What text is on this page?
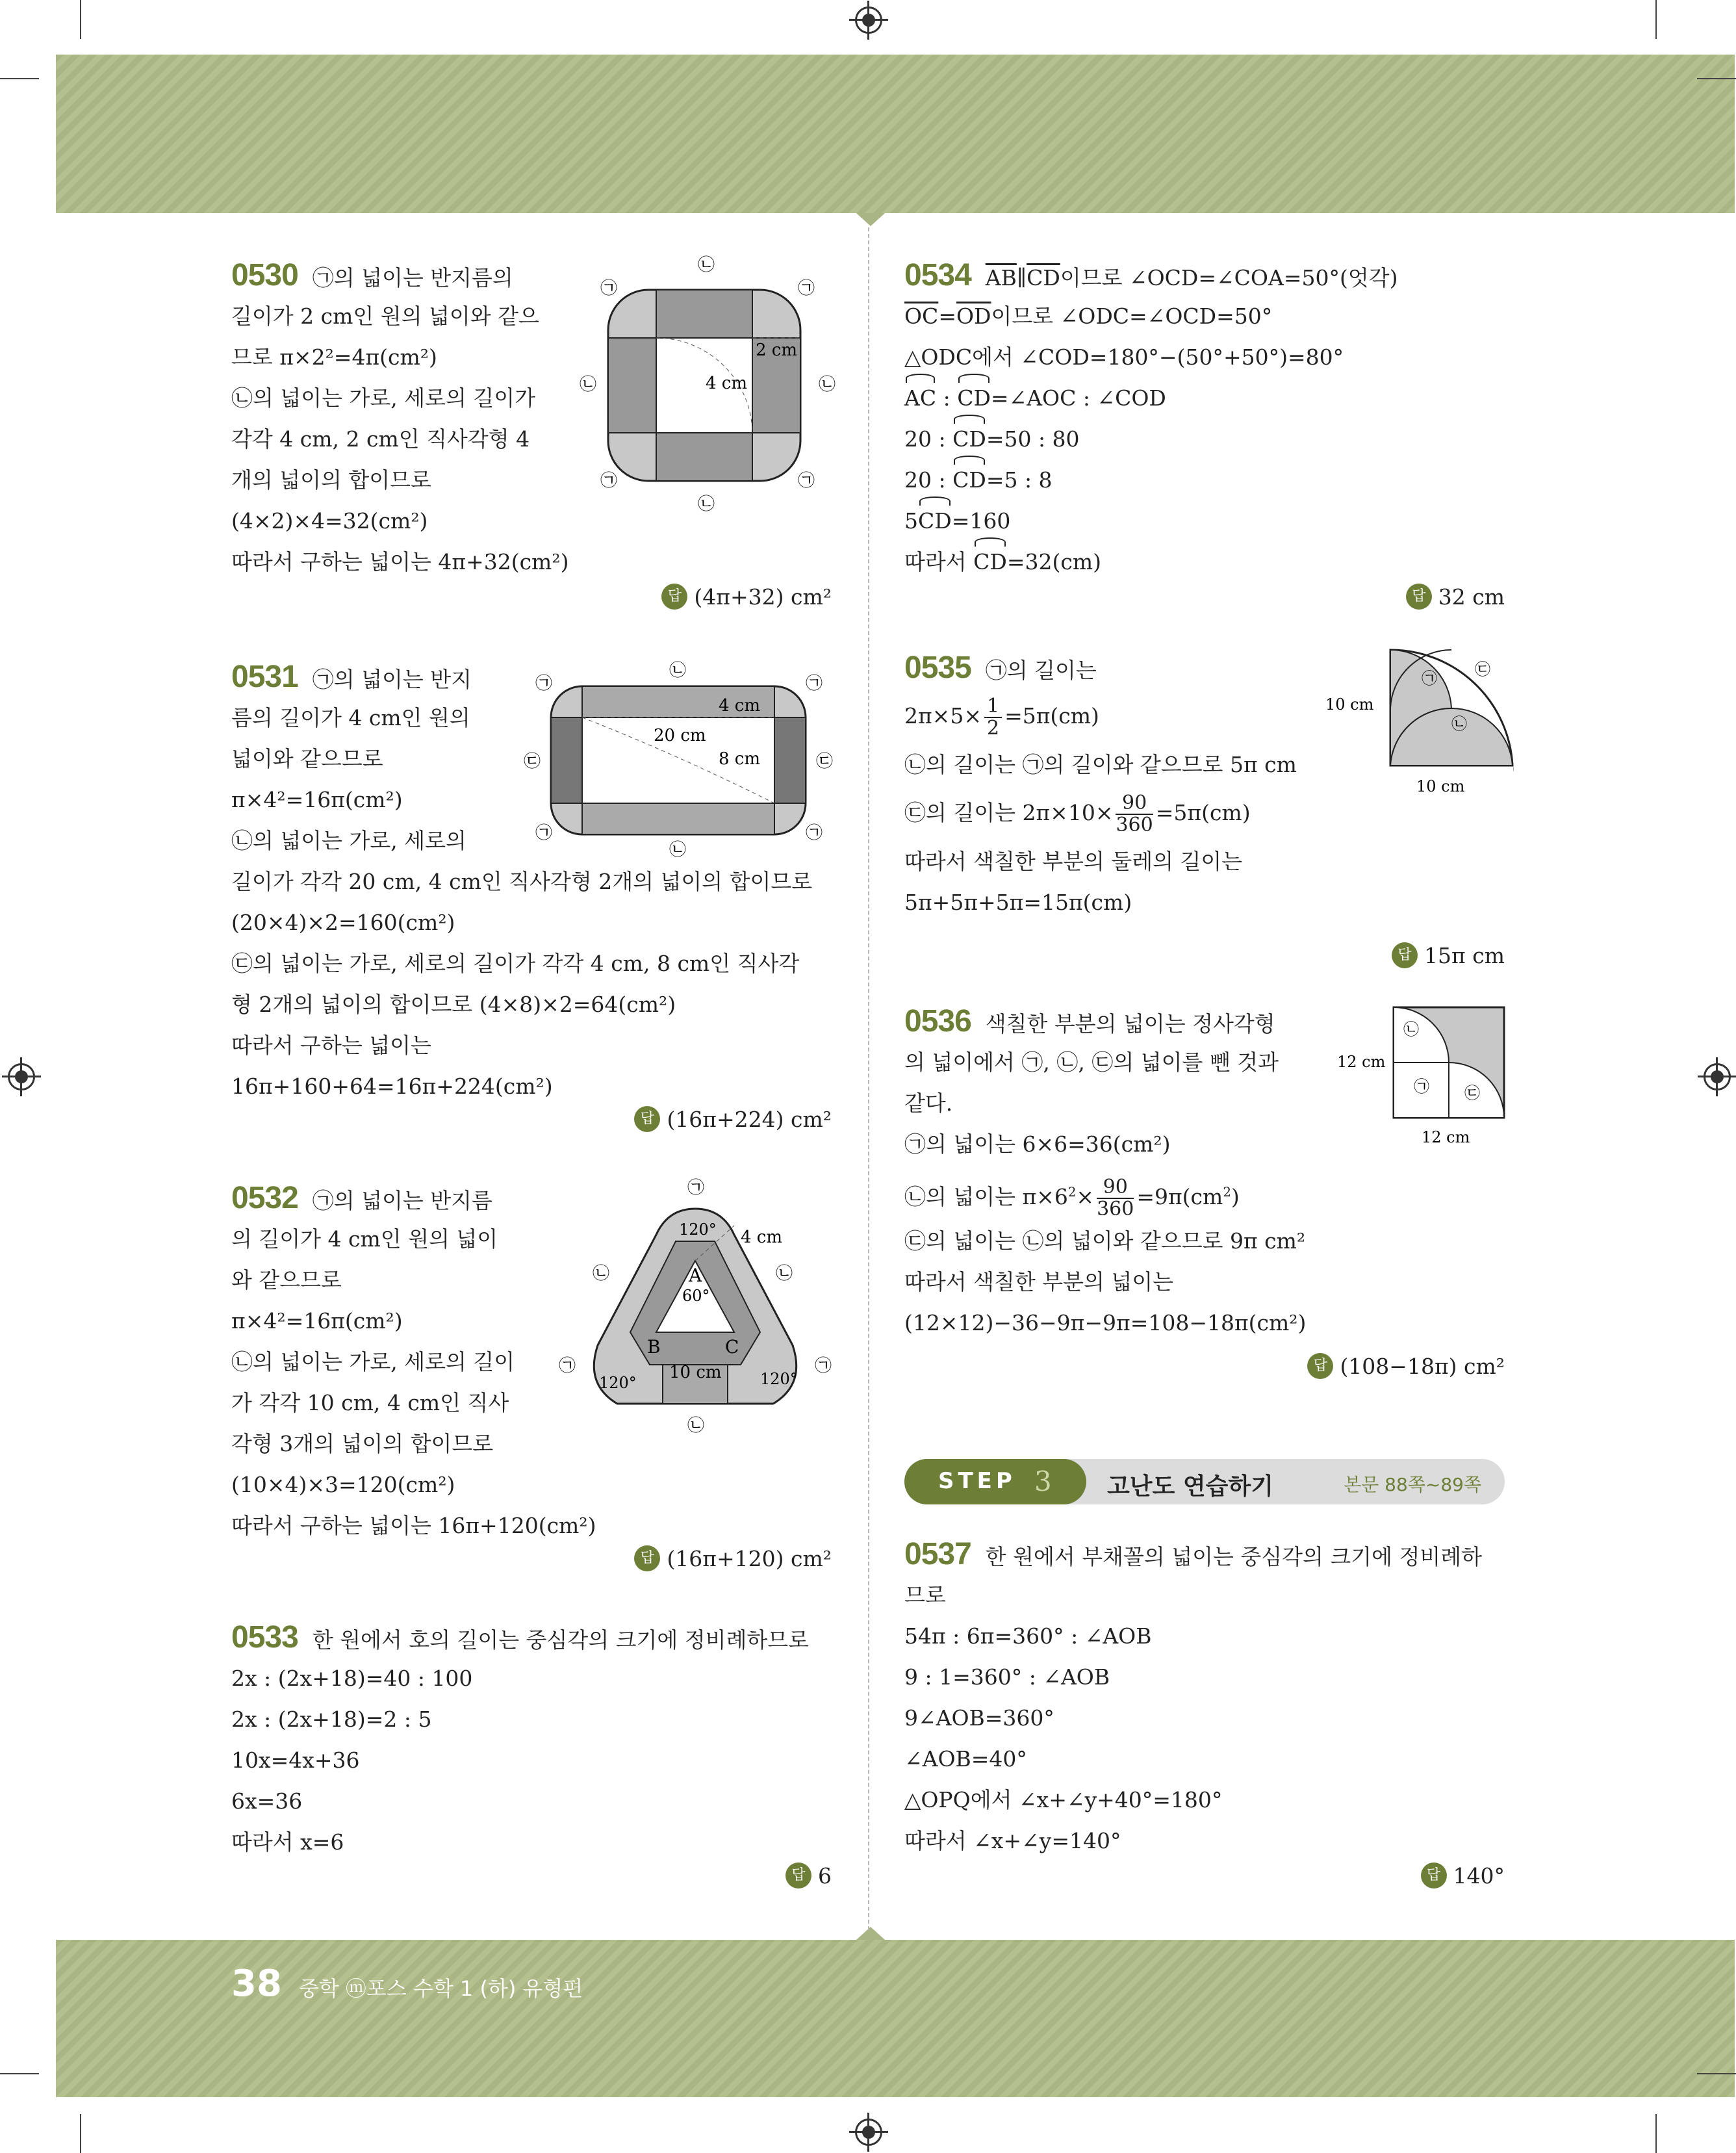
0530 ㉠의 넓이는 반지름의
길이가 2 cm인 원의 넓이와 같으
므로 π×2²=4π(cm²)
㉡의 넓이는 가로, 세로의 길이가
각각 4 cm, 2 cm인 직사각형 4
개의 넓이의 합이므로
(4×2)×4=32(cm²)
따라서 구하는 넓이는 4π+32(cm²)
답 (4π+32) cm²
2 cm
4 cm
㉡
㉡
㉡	㉡
㉠	㉠
㉠	㉠
0531 ㉠의 넓이는 반지
름의 길이가 4 cm인 원의
넓이와 같으므로
π×4²=16π(cm²)
㉡의 넓이는 가로, 세로의
길이가 각각 20 cm, 4 cm인 직사각형 2개의 넓이의 합이므로
(20×4)×2=160(cm²)
㉢의 넓이는 가로, 세로의 길이가 각각 4 cm, 8 cm인 직사각
형 2개의 넓이의 합이므로 (4×8)×2=64(cm²)
따라서 구하는 넓이는
16π+160+64=16π+224(cm²)
답 (16π+224) cm²
4 cm
20 cm
8 cm
㉡
㉡
㉢	㉢
㉠	㉠
㉠	㉠
0532 ㉠의 넓이는 반지름
의 길이가 4 cm인 원의 넓이
와 같으므로
π×4²=16π(cm²)
㉡의 넓이는 가로, 세로의 길이
가 각각 10 cm, 4 cm인 직사
각형 3개의 넓이의 합이므로
(10×4)×3=120(cm²)
따라서 구하는 넓이는 16π+120(cm²)
답 (16π+120) cm²
120° 4 cm
A
60°
B	C
10 cm
120°	120°
㉠
㉠	㉠
㉡	㉡
㉡
0533 한 원에서 호의 길이는 중심각의 크기에 정비례하므로
2x : (2x+18)=40 : 100
2x : (2x+18)=2 : 5
10x=4x+36
6x=36
따라서 x=6
답 6
0534 $\overline{AB}\parallel\overline{CD}$이므로 ∠OCD=∠COA=50°(엇각)
$\overline{OC}=\overline{OD}$이므로 ∠ODC=∠OCD=50°
△ODC에서 ∠COD=180°−(50°+50°)=80°
AC : CD=∠AOC : ∠COD
20 : CD=50 : 80
20 : CD=5 : 8
5CD=160
따라서 CD=32(cm)
답 32 cm
0535 ㉠의 길이는
$2\pi\times 5\times \frac{1}{2} =5\pi(cm)$
㉡의 길이는 ㉠의 길이와 같으므로 5π cm
㉢의 길이는 $2\pi\times 10\times \frac{90}{360} =5\pi(cm)$
따라서 색칠한 부분의 둘레의 길이는
5π+5π+5π=15π(cm)
답 15π cm
10 cm
10 cm
㉠
㉡
㉢
0536 색칠한 부분의 넓이는 정사각형
의 넓이에서 ㉠, ㉡, ㉢의 넓이를 뺀 것과
같다.
㉠의 넓이는 6×6=36(cm²)
㉡의 넓이는 $\pi\times 6^2\times \frac{90}{360} =9\pi(cm^2)$
㉢의 넓이는 ㉡의 넓이와 같으므로 9π cm²
따라서 색칠한 부분의 넓이는
(12×12)−36−9π−9π=108−18π(cm²)
답 (108−18π) cm²
12 cm
12 cm
㉡
㉠ ㉢
STEP 3 고난도 연습하기	본문 88쪽~89쪽
0537 한 원에서 부채꼴의 넓이는 중심각의 크기에 정비례하
므로
54π : 6π=360° : ∠AOB
9 : 1=360° : ∠AOB
9∠AOB=360°
∠AOB=40°
△OPQ에서 ∠x+∠y+40°=180°
따라서 ∠x+∠y=140°
답 140°
38 중학 ⓜ포스 수학 1 (하) 유형편
